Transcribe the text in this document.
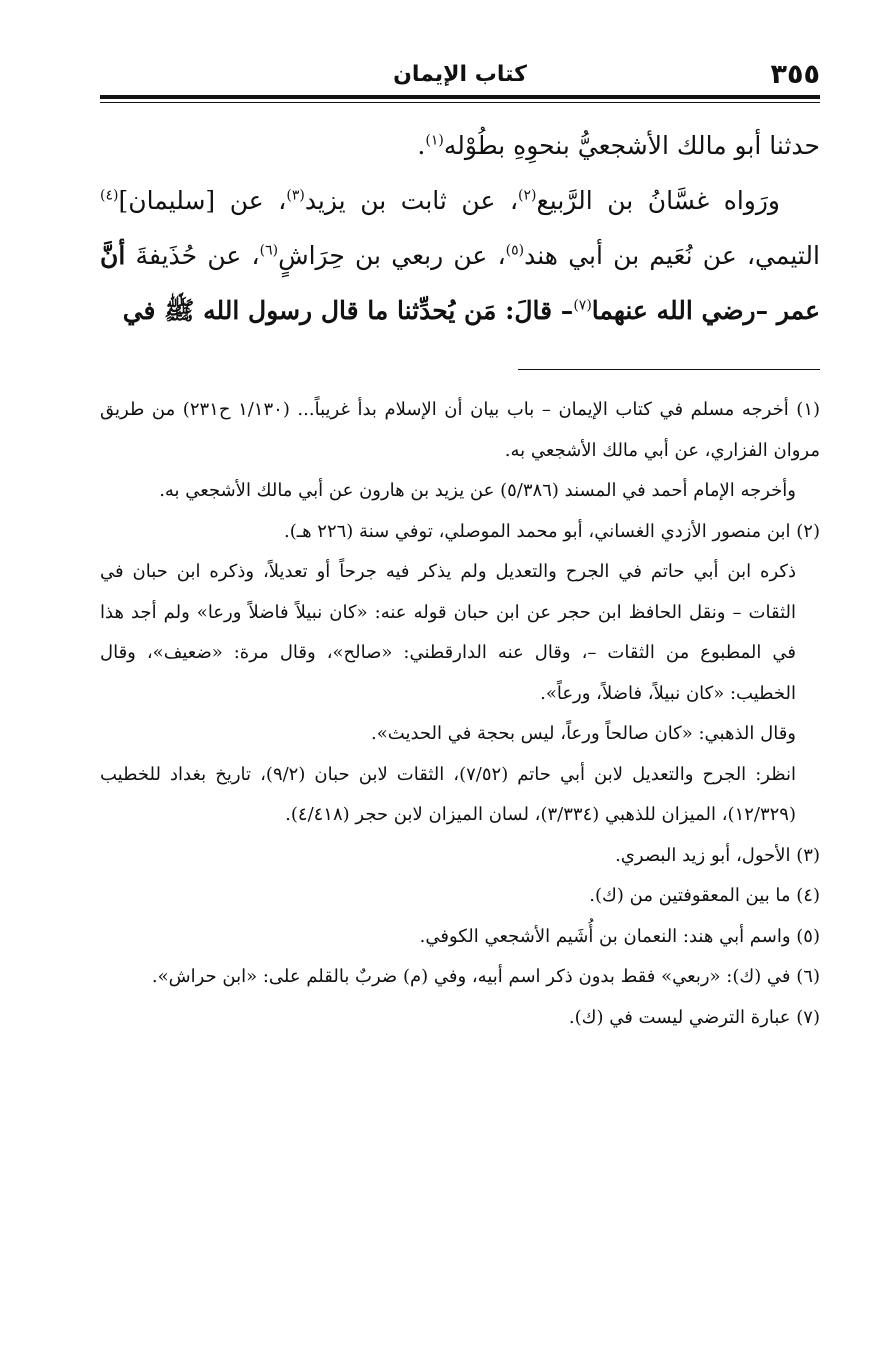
٣٥٥
كتاب الإيمان

حدثنا أبو مالك الأشجعيُّ بنحوِهِ بطُوْله$^{(١)}$.

ورَواه غسَّانُ بن الرَّبيع$^{(٢)}$، عن ثابت بن يزيد$^{(٣)}$، عن [سليمان]$^{(٤)}$ التيمي، عن نُعَيم بن أبي هند$^{(٥)}$، عن ربعي بن حِرَاشٍ$^{(٦)}$، عن حُذَيفةَ أنَّ عمر –رضي الله عنهما$^{(٧)}$– قالَ: مَن يُحدِّثنا ما قال رسول الله ﷺ في

(١) أخرجه مسلم في كتاب الإيمان – باب بيان أن الإسلام بدأ غريباً... (١/١٣٠ ح٢٣١) من طريق مروان الفزاري، عن أبي مالك الأشجعي به.

وأخرجه الإمام أحمد في المسند (٥/٣٨٦) عن يزيد بن هارون عن أبي مالك الأشجعي به.

(٢) ابن منصور الأزدي الغساني، أبو محمد الموصلي، توفي سنة (٢٢٦ هـ).

ذكره ابن أبي حاتم في الجرح والتعديل ولم يذكر فيه جرحاً أو تعديلاً، وذكره ابن حبان في الثقات – ونقل الحافظ ابن حجر عن ابن حبان قوله عنه: «كان نبيلاً فاضلاً ورعا» ولم أجد هذا في المطبوع من الثقات –، وقال عنه الدارقطني: «صالح»، وقال مرة: «ضعيف»، وقال الخطيب: «كان نبيلاً، فاضلاً، ورعاً».

وقال الذهبي: «كان صالحاً ورعاً، ليس بحجة في الحديث».

انظر: الجرح والتعديل لابن أبي حاتم (٧/٥٢)، الثقات لابن حبان (٩/٢)، تاريخ بغداد للخطيب (١٢/٣٢٩)، الميزان للذهبي (٣/٣٣٤)، لسان الميزان لابن حجر (٤/٤١٨).

(٣) الأحول، أبو زيد البصري.

(٤) ما بين المعقوفتين من (ك).

(٥) واسم أبي هند: النعمان بن أُشَيم الأشجعي الكوفي.

(٦) في (ك): «ربعي» فقط بدون ذكر اسم أبيه، وفي (م) ضربٌ بالقلم على: «ابن حراش».

(٧) عبارة الترضي ليست في (ك).
